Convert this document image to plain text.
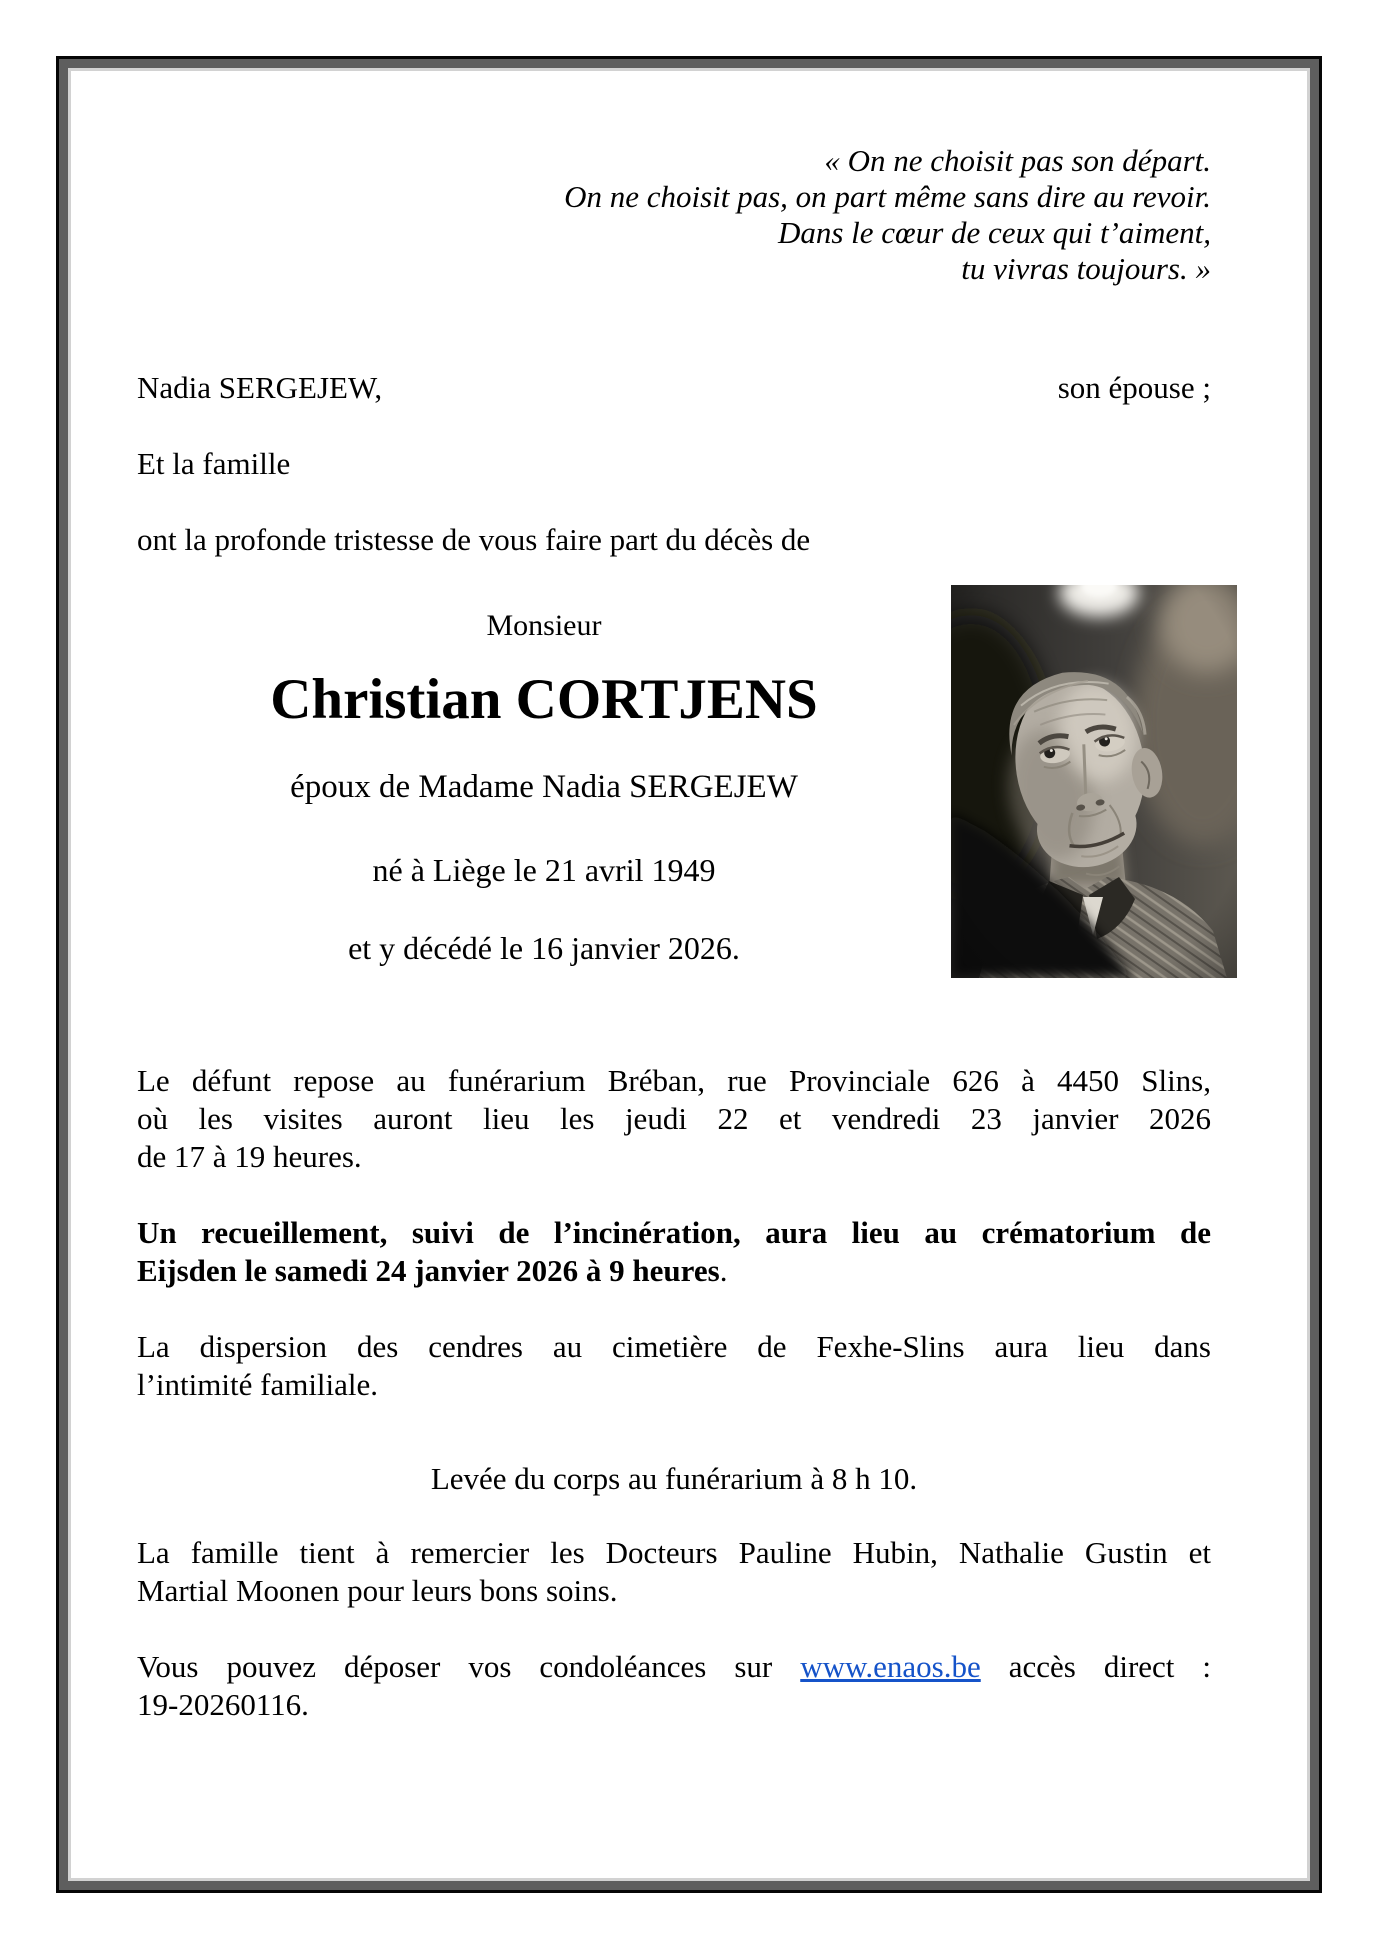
« On ne choisit pas son départ.
On ne choisit pas, on part même sans dire au revoir.
Dans le cœur de ceux qui t’aiment,
tu vivras toujours. »
Nadia SERGEJEW,	son épouse ;

Et la famille

ont la profonde tristesse de vous faire part du décès de

Monsieur

Christian CORTJENS

époux de Madame Nadia SERGEJEW

né à Liège le 21 avril 1949

et y décédé le 16 janvier 2026.

Le défunt repose au funérarium Bréban, rue Provinciale 626 à 4450 Slins,
où les visites auront lieu les jeudi 22 et vendredi 23 janvier 2026
de 17 à 19 heures.
Un recueillement, suivi de l’incinération, aura lieu au crématorium de
Eijsden le samedi 24 janvier 2026 à 9 heures.
La dispersion des cendres au cimetière de Fexhe-Slins aura lieu dans
l’intimité familiale.

Levée du corps au funérarium à 8 h 10.

La famille tient à remercier les Docteurs Pauline Hubin, Nathalie Gustin et
Martial Moonen pour leurs bons soins.
Vous pouvez déposer vos condoléances sur www.enaos.be accès direct :
19-20260116.
